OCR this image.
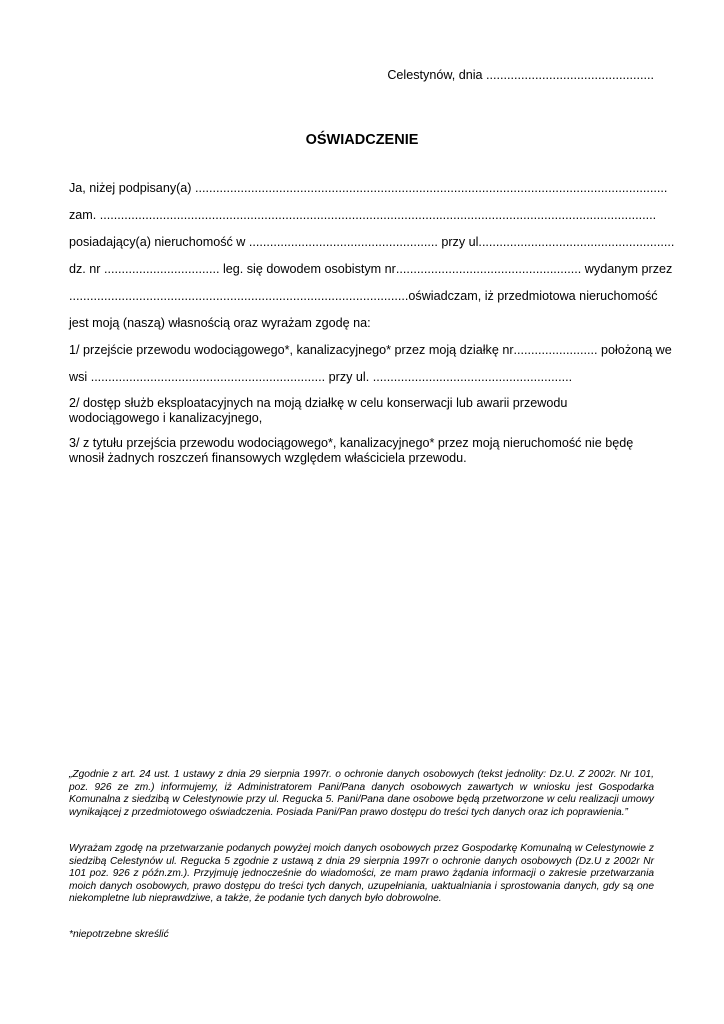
Celestynów, dnia ................................................
OŚWIADCZENIE
Ja, niżej podpisany(a) .......................................................................................................................................
zam. ...............................................................................................................................................................
posiadający(a) nieruchomość w ...................................................... przy ul. .......................................................
dz. nr ................................. leg. się dowodem osobistym nr ..................................................... wydanym przez
................................................................................................. oświadczam, iż przedmiotowa nieruchomość
jest moją (naszą) własnością oraz wyrażam zgodę na:
1/ przejście przewodu wodociągowego*, kanalizacyjnego* przez moją działkę nr ........................ położoną we
wsi ................................................................... przy ul. .........................................................
2/ dostęp służb eksploatacyjnych na moją działkę w celu konserwacji lub awarii przewodu wodociągowego i kanalizacyjnego,
3/ z tytułu przejścia przewodu wodociągowego*, kanalizacyjnego* przez moją nieruchomość nie będę wnosił żadnych roszczeń finansowych względem właściciela przewodu.
„Zgodnie z art. 24 ust. 1 ustawy z dnia 29 sierpnia 1997r. o ochronie danych osobowych (tekst jednolity: Dz.U. Z 2002r. Nr 101, poz. 926 ze zm.) informujemy, iż Administratorem Pani/Pana danych osobowych zawartych w wniosku jest Gospodarka Komunalna z siedzibą w Celestynowie przy ul. Regucka 5. Pani/Pana dane osobowe będą przetworzone w celu realizacji umowy wynikającej z przedmiotowego oświadczenia. Posiada Pani/Pan prawo dostępu do treści tych danych oraz ich poprawienia.”
Wyrażam zgodę na przetwarzanie podanych powyżej moich danych osobowych przez Gospodarkę Komunalną w Celestynowie z siedzibą Celestynów ul. Regucka 5 zgodnie z ustawą z dnia 29 sierpnia 1997r o ochronie danych osobowych (Dz.U z 2002r Nr 101 poz. 926 z późn.zm.). Przyjmuję jednocześnie do wiadomości, ze mam prawo żądania informacji o zakresie przetwarzania moich danych osobowych, prawo dostępu do treści tych danych, uzupełniania, uaktualniania i sprostowania danych, gdy są one niekompletne lub nieprawdziwe, a także, że podanie tych danych było dobrowolne.
*niepotrzebne skreślić
